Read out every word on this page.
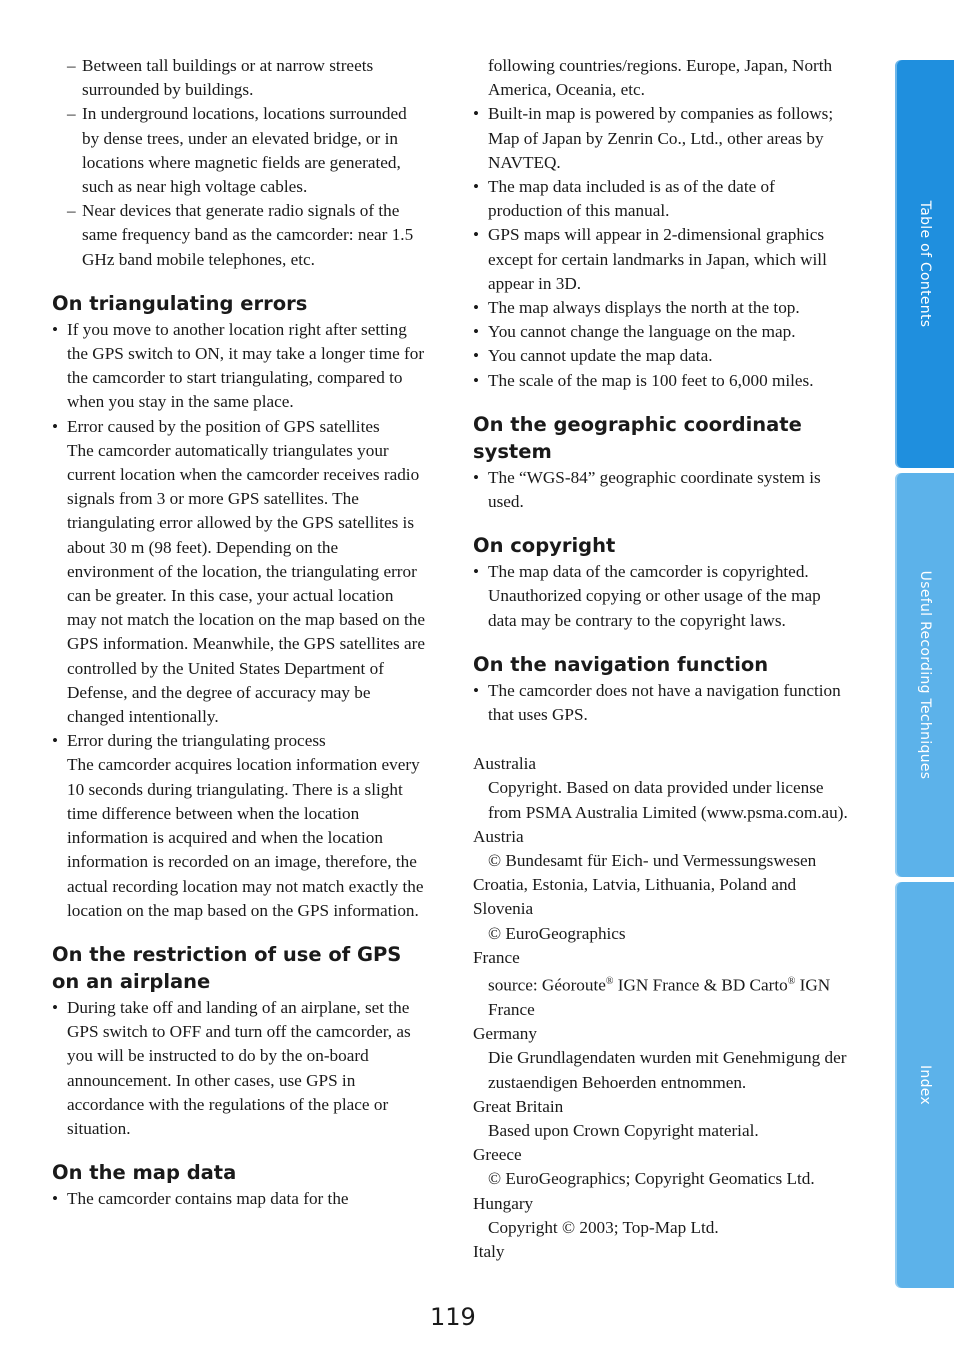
– Between tall buildings or at narrow streets surrounded by buildings.
– In underground locations, locations surrounded by dense trees, under an elevated bridge, or in locations where magnetic fields are generated, such as near high voltage cables.
– Near devices that generate radio signals of the same frequency band as the camcorder: near 1.5 GHz band mobile telephones, etc.
On triangulating errors
• If you move to another location right after setting the GPS switch to ON, it may take a longer time for the camcorder to start triangulating, compared to when you stay in the same place.
• Error caused by the position of GPS satellites
The camcorder automatically triangulates your current location when the camcorder receives radio signals from 3 or more GPS satellites. The triangulating error allowed by the GPS satellites is about 30 m (98 feet). Depending on the environment of the location, the triangulating error can be greater. In this case, your actual location may not match the location on the map based on the GPS information. Meanwhile, the GPS satellites are controlled by the United States Department of Defense, and the degree of accuracy may be changed intentionally.
• Error during the triangulating process
The camcorder acquires location information every 10 seconds during triangulating. There is a slight time difference between when the location information is acquired and when the location information is recorded on an image, therefore, the actual recording location may not match exactly the location on the map based on the GPS information.
On the restriction of use of GPS on an airplane
• During take off and landing of an airplane, set the GPS switch to OFF and turn off the camcorder, as you will be instructed to do by the on-board announcement. In other cases, use GPS in accordance with the regulations of the place or situation.
On the map data
• The camcorder contains map data for the
following countries/regions. Europe, Japan, North America, Oceania, etc.
• Built-in map is powered by companies as follows; Map of Japan by Zenrin Co., Ltd., other areas by NAVTEQ.
• The map data included is as of the date of production of this manual.
• GPS maps will appear in 2-dimensional graphics except for certain landmarks in Japan, which will appear in 3D.
• The map always displays the north at the top.
• You cannot change the language on the map.
• You cannot update the map data.
• The scale of the map is 100 feet to 6,000 miles.
On the geographic coordinate system
• The “WGS-84” geographic coordinate system is used.
On copyright
• The map data of the camcorder is copyrighted. Unauthorized copying or other usage of the map data may be contrary to the copyright laws.
On the navigation function
• The camcorder does not have a navigation function that uses GPS.
Australia
Copyright. Based on data provided under license from PSMA Australia Limited (www.psma.com.au).
Austria
© Bundesamt für Eich- und Vermessungswesen
Croatia, Estonia, Latvia, Lithuania, Poland and Slovenia
© EuroGeographics
France
source: Géoroute® IGN France & BD Carto® IGN France
Germany
Die Grundlagendaten wurden mit Genehmigung der zustaendigen Behoerden entnommen.
Great Britain
Based upon Crown Copyright material.
Greece
© EuroGeographics; Copyright Geomatics Ltd.
Hungary
Copyright © 2003; Top-Map Ltd.
Italy
Table of Contents
Useful Recording Techniques
Index
119
